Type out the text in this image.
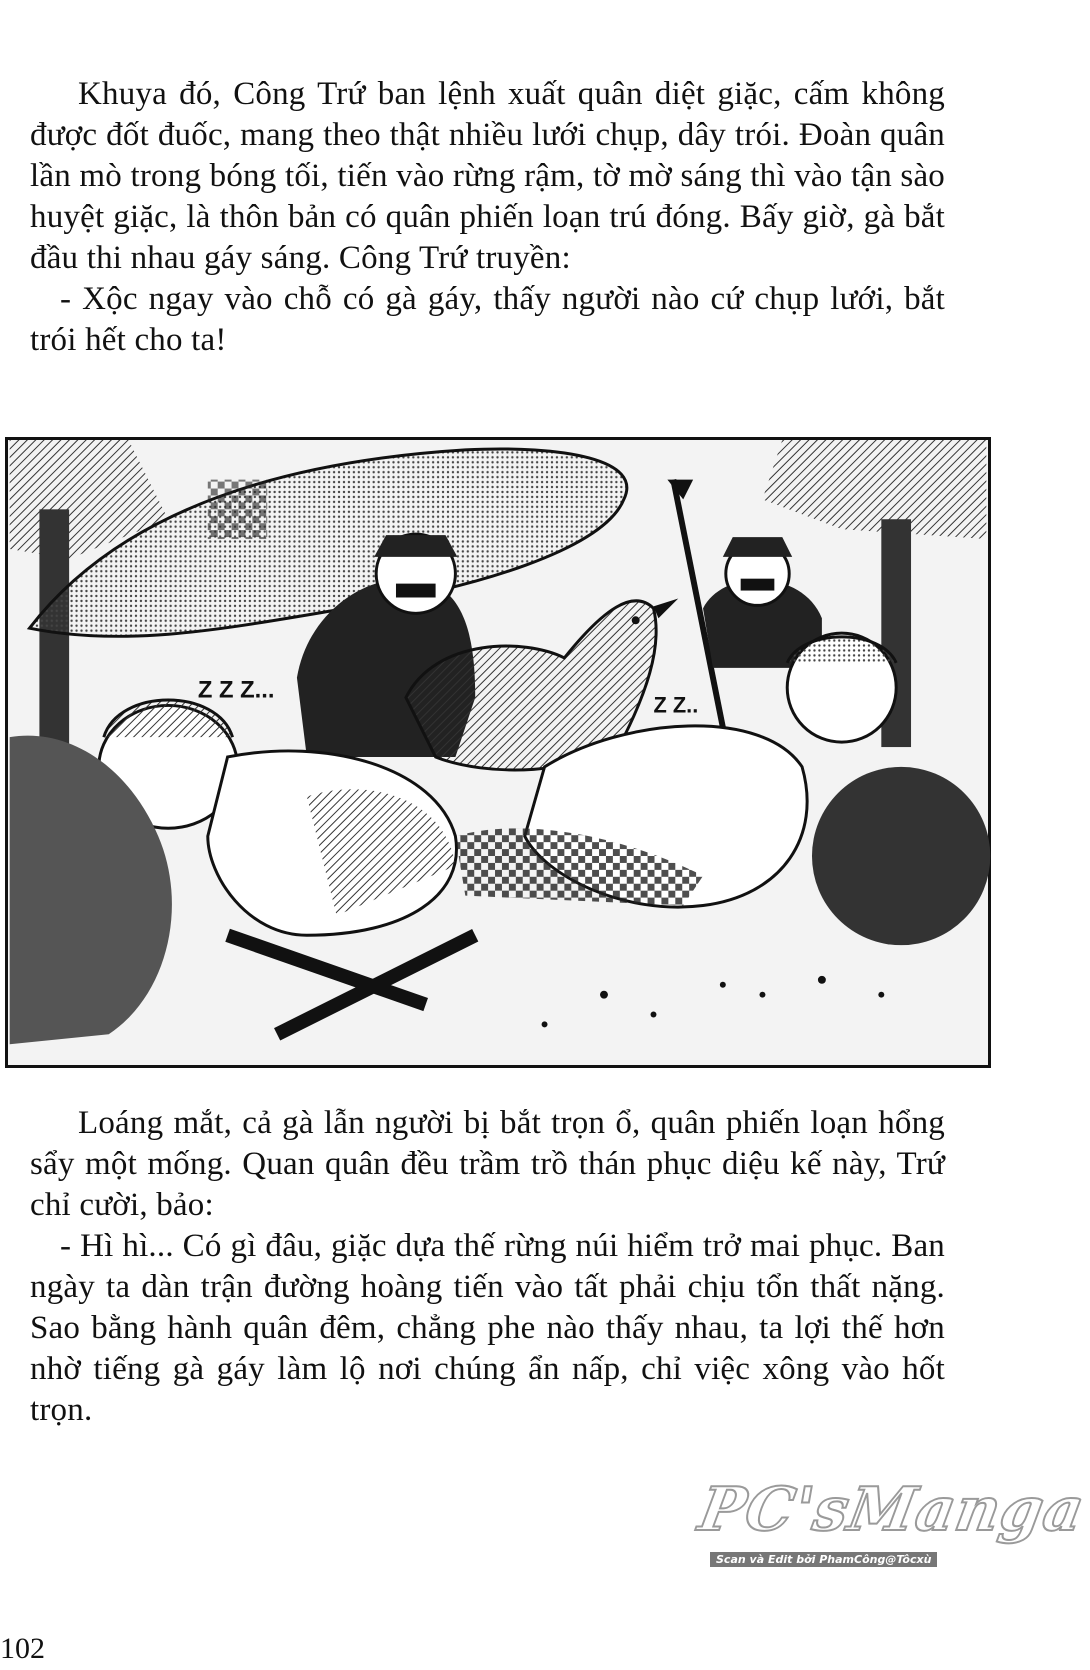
Khuya đó, Công Trứ ban lệnh xuất quân diệt giặc, cấm không được đốt đuốc, mang theo thật nhiều lưới chụp, dây trói. Đoàn quân lần mò trong bóng tối, tiến vào rừng rậm, tờ mờ sáng thì vào tận sào huyệt giặc, là thôn bản có quân phiến loạn trú đóng. Bấy giờ, gà bắt đầu thi nhau gáy sáng. Công Trứ truyền:

- Xộc ngay vào chỗ có gà gáy, thấy người nào cứ chụp lưới, bắt trói hết cho ta!

Z Z Z...
Z Z..

Loáng mắt, cả gà lẫn người bị bắt trọn ổ, quân phiến loạn hổng sẩy một mống. Quan quân đều trầm trồ thán phục diệu kế này, Trứ chỉ cười, bảo:

- Hì hì... Có gì đâu, giặc dựa thế rừng núi hiểm trở mai phục. Ban ngày ta dàn trận đường hoàng tiến vào tất phải chịu tổn thất nặng. Sao bằng hành quân đêm, chẳng phe nào thấy nhau, ta lợi thế hơn nhờ tiếng gà gáy làm lộ nơi chúng ẩn nấp, chỉ việc xông vào hốt trọn.

PC'sManga
Scan và Edit bởi PhamCông@Tôcxù
102
